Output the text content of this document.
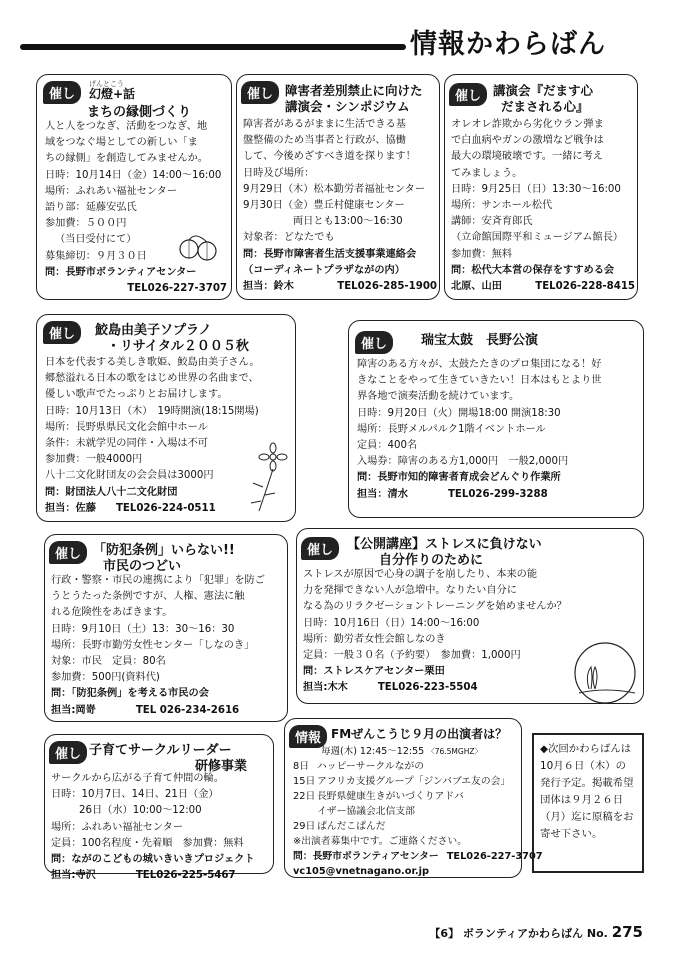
情報かわらばん
催し
げんとこう
幻燈+話
まちの縁側づくり
人と人をつなぎ、活動をつなぎ、地
域をつなぐ場としての新しい「ま
ちの縁側」を創造してみませんか。
日時：10月14日（金）14:00〜16:00
場所：ふれあい福祉センター
語り部：延藤安弘氏
参加費：５００円
（当日受付にて）
募集締切：９月３０日
問：長野市ボランティアセンター
TEL026-227-3707
催し 障害者差別禁止に向けた
講演会・シンポジウム
障害者があるがままに生活できる基
盤整備のため当事者と行政が、協働
して、今後めざすべき道を探ります！
日時及び場所：
9月29日（木）松本勤労者福祉センター
9月30日（金）豊丘村健康センター
両日とも13:00〜16:30
対象者：どなたでも
問：長野市障害者生活支援事業連絡会
（コーディネートプラザながの内）
担当：鈴木	TEL026-285-1900
催し 講演会『だます心
だまされる心』
オレオレ詐欺から劣化ウラン弾ま
で白血病やガンの激増など戦争は
最大の環境破壊です。一緒に考え
てみましょう。
日時：9月25日（日）13:30〜16:00
場所：サンホール松代
講師：安斉育郎氏
（立命館国際平和ミュージアム館長）
参加費：無料
問：松代大本営の保存をすすめる会
北原、山田	TEL026-228-8415
催し	鮫島由美子ソプラノ
・リサイタル２００５秋
日本を代表する美しき歌姫、鮫島由美子さん。
郷愁溢れる日本の歌をはじめ世界の名曲まで、
優しい歌声でたっぷりとお届けします。
日時：10月13日（木）　19時開演(18:15開場)
場所：長野県県民文化会館中ホール
条件：未就学児の同伴・入場は不可
参加費：一般4000円
八十二文化財団友の会会員は3000円
問：財団法人八十二文化財団
担当：佐藤 TEL026-224-0511
催し	瑞宝太鼓　長野公演
障害のある方々が、太鼓たたきのプロ集団になる！好
きなことをやって生きていきたい！日本はもとより世
界各地で演奏活動を続けています。
日時：9月20日（火）開場18:00 開演18:30
場所：長野メルパルク1階イベントホール
定員：400名
入場券：障害のある方1,000円　一般2,000円
問：長野市知的障害者育成会どんぐり作業所
担当：清水	TEL026-299-3288
催し 「防犯条例」いらない!!
市民のつどい
行政・警察・市民の連携により「犯罪」を防ご
うとうたった条例ですが、人権、憲法に触
れる危険性をあばきます。
日時：9月10日（土）13：30〜16：30
場所：長野市勤労女性センター「しなのき」
対象：市民　定員：80名
参加費：500円(資料代)
問：「防犯条例」を考える市民の会
担当:岡嵜	TEL 026-234-2616
催し	【公開講座】ストレスに負けない
自分作りのために
ストレスが原因で心身の調子を崩したり、本来の能
力を発揮できない人が急増中。なりたい自分に
なる為のリラクゼーショントレーニングを始めませんか？
日時：10月16日（日）14:00〜16:00
場所：勤労者女性会館しなのき
定員：一般３０名（予約要）　参加費：1,000円
問：ストレスケアセンター栗田
担当:木木	TEL026-223-5504
催し 子育てサークルリーダー
研修事業
サークルから広がる子育て仲間の輪。
日時：10月7日、14日、21日（金）
26日（水）10:00〜12:00
場所：ふれあい福祉センター
定員：100名程度・先着順　参加費：無料
問：ながのこどもの城いきいきプロジェクト
担当:寺沢	TEL026-225-5467
情報 FMぜんこうじ９月の出演者は？
毎週(木) 12:45〜12:55 〈76.5MGHZ〉
8日 ハッピーサークルながの
15日 アフリカ支援グループ「ジンバブエ友の会」
22日 長野県健康生きがいづくりアドバ
イザー協議会北信支部
29日 ぱんだこぱんだ
※出演者募集中です。ご連絡ください。
問：長野市ボランティアセンター TEL026-227-3707
vc105@vnetnagano.or.jp
◆次回かわらばんは10月６日（木）の発行予定。掲載希望団体は９月２６日（月）迄に原稿をお寄せ下さい。
【6】 ボランティアかわらばん No. 275
